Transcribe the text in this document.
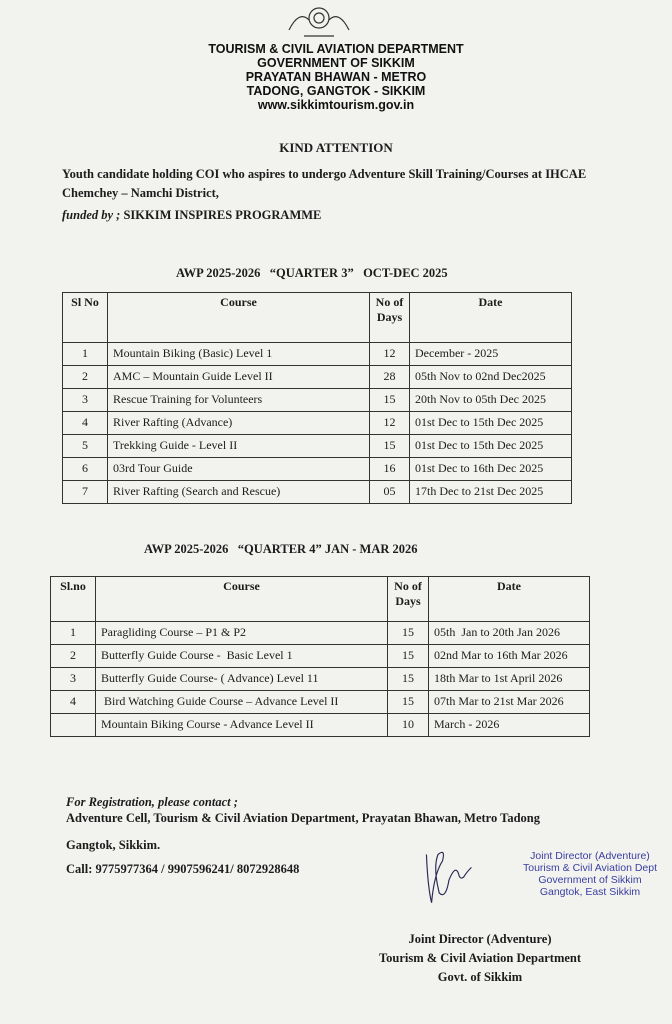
TOURISM & CIVIL AVIATION DEPARTMENT
GOVERNMENT OF SIKKIM
PRAYATAN BHAWAN - METRO
TADONG, GANGTOK - SIKKIM
www.sikkimtourism.gov.in
KIND ATTENTION
Youth candidate holding COI who aspires to undergo Adventure Skill Training/Courses at IHCAE Chemchey – Namchi District,
funded by ; SIKKIM INSPIRES PROGRAMME
AWP 2025-2026   “QUARTER 3”   OCT-DEC 2025
Sl No	Course	No of Days	Date
1	Mountain Biking (Basic) Level 1	12	December - 2025
2	AMC – Mountain Guide Level II	28	05th Nov to 02nd Dec2025
3	Rescue Training for Volunteers	15	20th Nov to 05th Dec 2025
4	River Rafting (Advance)	12	01st Dec to 15th Dec 2025
5	Trekking Guide - Level II	15	01st Dec to 15th Dec 2025
6	03rd Tour Guide	16	01st Dec to 16th Dec 2025
7	River Rafting (Search and Rescue)	05	17th Dec to 21st Dec 2025
AWP 2025-2026   “QUARTER 4” JAN - MAR 2026
Sl.no	Course	No of Days	Date
1	Paragliding Course – P1 & P2	15	05th  Jan to 20th Jan 2026
2	Butterfly Guide Course -  Basic Level 1	15	02nd Mar to 16th Mar 2026
3	Butterfly Guide Course- ( Advance) Level 11	15	18th Mar to 1st April 2026
4	Bird Watching Guide Course – Advance Level II	15	07th Mar to 21st Mar 2026
	Mountain Biking Course - Advance Level II	10	March - 2026
For Registration, please contact ;
Adventure Cell, Tourism & Civil Aviation Department, Prayatan Bhawan, Metro Tadong
Gangtok, Sikkim.
Call: 9775977364 / 9907596241/ 8072928648
Joint Director (Adventure)
Tourism & Civil Aviation Dept
Government of Sikkim
Gangtok, East Sikkim
Joint Director (Adventure)
Tourism & Civil Aviation Department
Govt. of Sikkim
